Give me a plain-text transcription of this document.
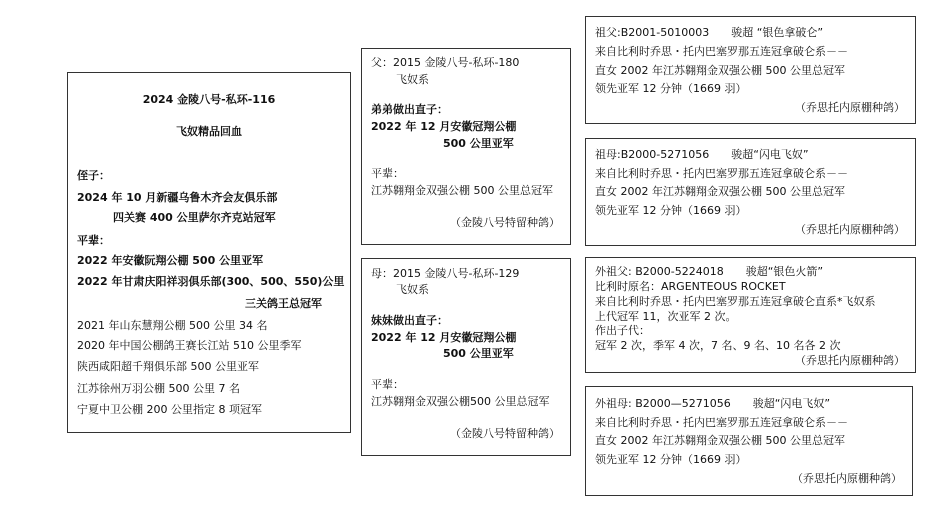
2024 金陵八号-私环-116
飞奴精品回血
侄子：
2024 年 10 月新疆乌鲁木齐会友俱乐部
四关赛 400 公里萨尔齐克站冠军
平辈：
2022 年安徽阮翔公棚 500 公里亚军
2022 年甘肃庆阳祥羽俱乐部(300、500、550)公里
三关鸽王总冠军
2021 年山东慧翔公棚 500 公里 34 名
2020 年中国公棚鸽王赛长江站 510 公里季军
陕西咸阳超千翔俱乐部 500 公里亚军
江苏徐州万羽公棚 500 公里 7 名
宁夏中卫公棚 200 公里指定 8 项冠军
父：2015 金陵八号-私环-180
飞奴系
弟弟做出直子：
2022 年 12 月安徽冠翔公棚
500 公里亚军
平辈：
江苏翱翔金双强公棚 500 公里总冠军
（金陵八号特留种鸽）
母：2015 金陵八号-私环-129
飞奴系
妹妹做出直子：
2022 年 12 月安徽冠翔公棚
500 公里亚军
平辈：
江苏翱翔金双强公棚500 公里总冠军
（金陵八号特留种鸽）
祖父:B2001-5010003　　骏超 “银色拿破仑”
来自比利时乔思・托内巴塞罗那五连冠拿破仑系－－
直女 2002 年江苏翱翔金双强公棚 500 公里总冠军
领先亚军 12 分钟（1669 羽）
（乔思托内原棚种鸽）
祖母:B2000-5271056　　骏超“闪电飞奴”
来自比利时乔思・托内巴塞罗那五连冠拿破仑系－－
直女 2002 年江苏翱翔金双强公棚 500 公里总冠军
领先亚军 12 分钟（1669 羽）
（乔思托内原棚种鸽）
外祖父: B2000-5224018　　骏超“银色火箭”
比利时原名：ARGENTEOUS ROCKET
来自比利时乔思・托内巴塞罗那五连冠拿破仑直系*飞奴系
上代冠军 11，次亚军 2 次。
作出子代：
冠军 2 次，季军 4 次，7 名、9 名、10 名各 2 次
（乔思托内原棚种鸽）
外祖母: B2000—5271056　　骏超“闪电飞奴”
来自比利时乔思・托内巴塞罗那五连冠拿破仑系－－
直女 2002 年江苏翱翔金双强公棚 500 公里总冠军
领先亚军 12 分钟（1669 羽）
（乔思托内原棚种鸽）
